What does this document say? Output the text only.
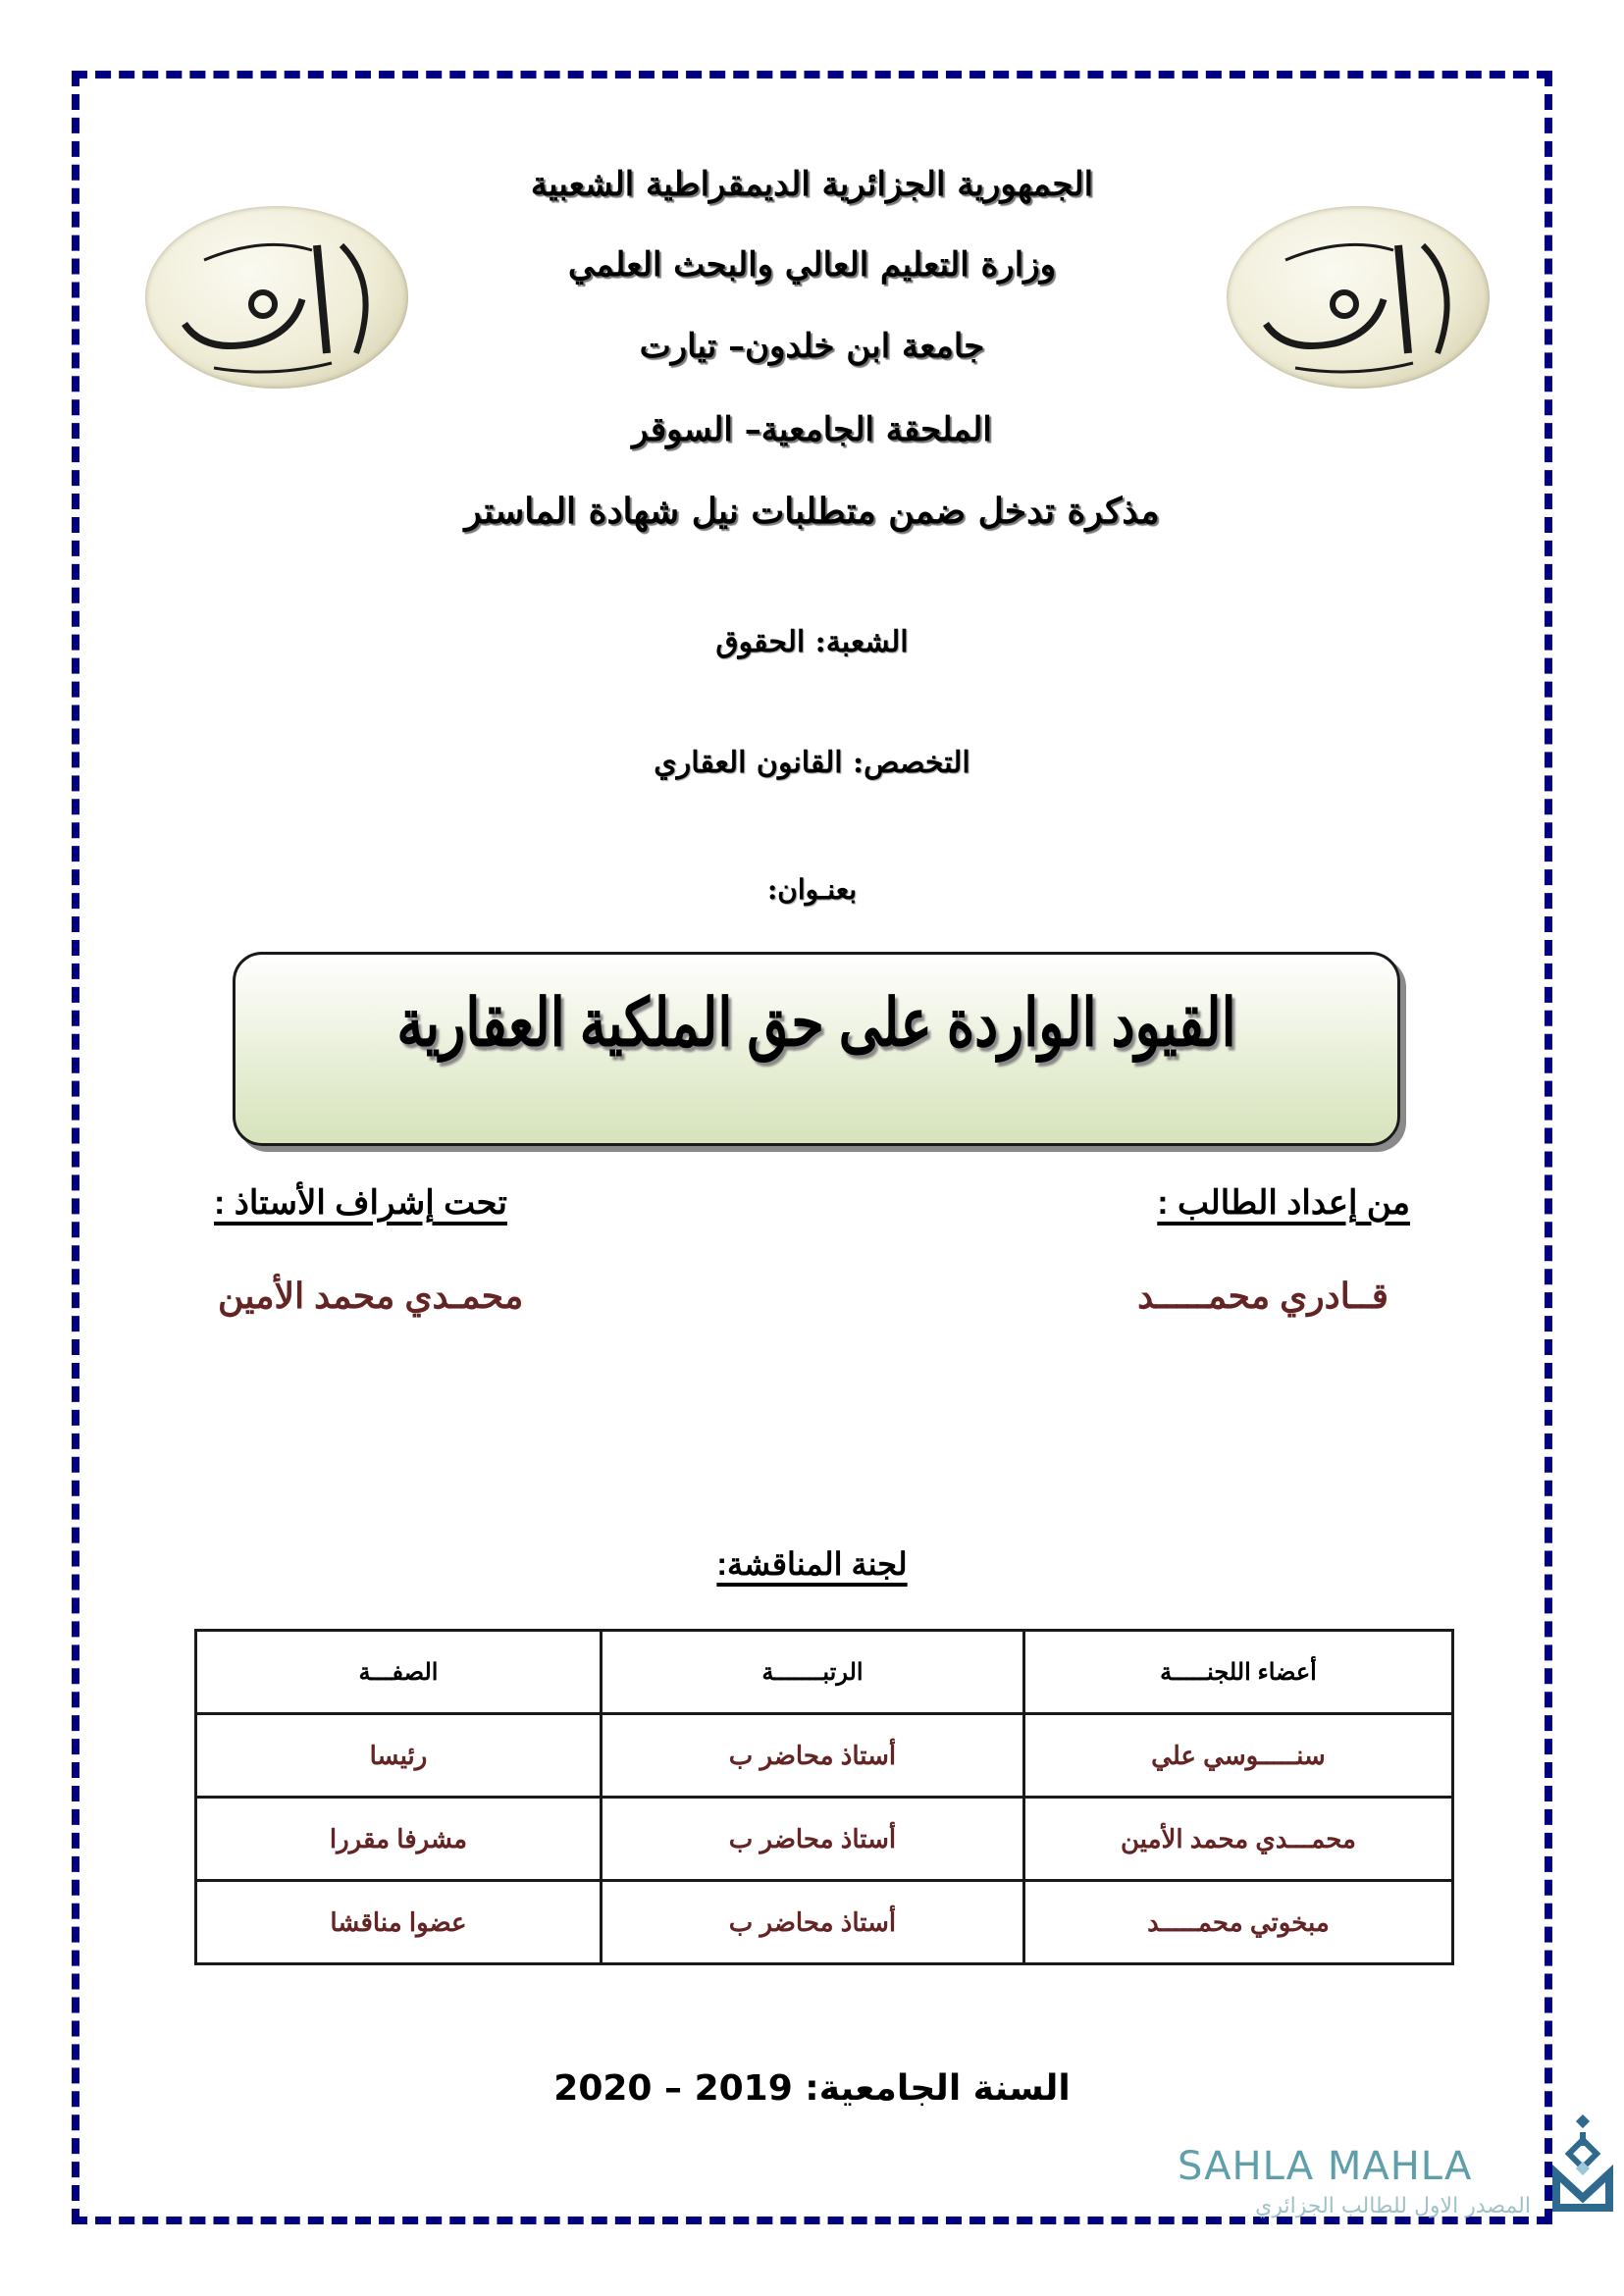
الجمهورية الجزائرية الديمقراطية الشعبية
وزارة التعليم العالي والبحث العلمي
جامعة ابن خلدون– تيارت
الملحقة الجامعية– السوقر
مذكرة تدخل ضمن متطلبات نيل شهادة الماستر
الشعبة: الحقوق
التخصص: القانون العقاري
بعنـوان:
القيود الواردة على حق الملكية العقارية
من إعداد الطالب :
تحت إشراف الأستاذ :
قــادري محمـــــد
محمـدي محمد الأمين
لجنة المناقشة:
أعضاء اللجنـــــة	الرتبـــــــة	الصفـــة
سنـــــوسي علي	أستاذ محاضر ب	رئيسا
محمـــدي محمد الأمين	أستاذ محاضر ب	مشرفا مقررا
مبخوتي محمـــــد	أستاذ محاضر ب	عضوا مناقشا
السنة الجامعية: 2019 – 2020
SAHLA MAHLA
المصدر الاول للطالب الجزائري
